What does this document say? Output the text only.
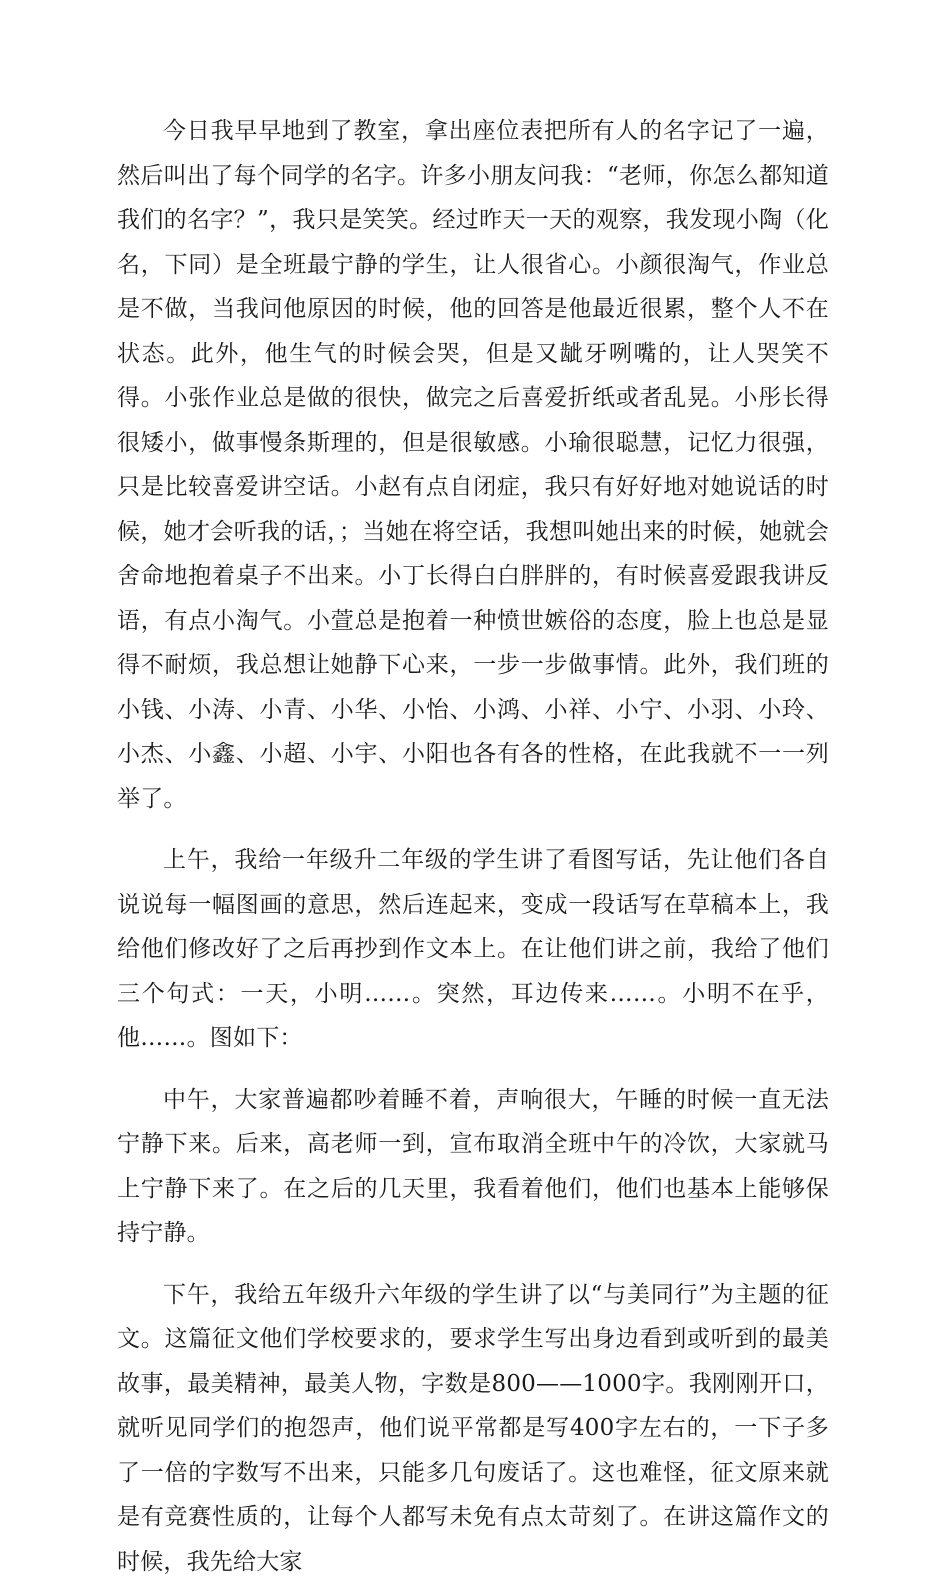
今日我早早地到了教室，拿出座位表把所有人的名字记了一遍，然后叫出了每个同学的名字。许多小朋友问我：“老师，你怎么都知道我们的名字？”，我只是笑笑。经过昨天一天的观察，我发现小陶（化名，下同）是全班最宁静的学生，让人很省心。小颜很淘气，作业总是不做，当我问他原因的时候，他的回答是他最近很累，整个人不在状态。此外，他生气的时候会哭，但是又龇牙咧嘴的，让人哭笑不得。小张作业总是做的很快，做完之后喜爱折纸或者乱晃。小彤长得很矮小，做事慢条斯理的，但是很敏感。小瑜很聪慧，记忆力很强，只是比较喜爱讲空话。小赵有点自闭症，我只有好好地对她说话的时候，她才会听我的话，；当她在将空话，我想叫她出来的时候，她就会舍命地抱着桌子不出来。小丁长得白白胖胖的，有时候喜爱跟我讲反语，有点小淘气。小萱总是抱着一种愤世嫉俗的态度，脸上也总是显得不耐烦，我总想让她静下心来，一步一步做事情。此外，我们班的小钱、小涛、小青、小华、小怡、小鸿、小祥、小宁、小羽、小玲、小杰、小鑫、小超、小宇、小阳也各有各的性格，在此我就不一一列举了。

上午，我给一年级升二年级的学生讲了看图写话，先让他们各自说说每一幅图画的意思，然后连起来，变成一段话写在草稿本上，我给他们修改好了之后再抄到作文本上。在让他们讲之前，我给了他们三个句式：一天，小明……。突然，耳边传来……。小明不在乎，他……。图如下：

中午，大家普遍都吵着睡不着，声响很大，午睡的时候一直无法宁静下来。后来，高老师一到，宣布取消全班中午的冷饮，大家就马上宁静下来了。在之后的几天里，我看着他们，他们也基本上能够保持宁静。

下午，我给五年级升六年级的学生讲了以“与美同行”为主题的征文。这篇征文他们学校要求的，要求学生写出身边看到或听到的最美故事，最美精神，最美人物，字数是800——1000字。我刚刚开口，就听见同学们的抱怨声，他们说平常都是写400字左右的，一下子多了一倍的字数写不出来，只能多几句废话了。这也难怪，征文原来就是有竞赛性质的，让每个人都写未免有点太苛刻了。在讲这篇作文的时候，我先给大家
